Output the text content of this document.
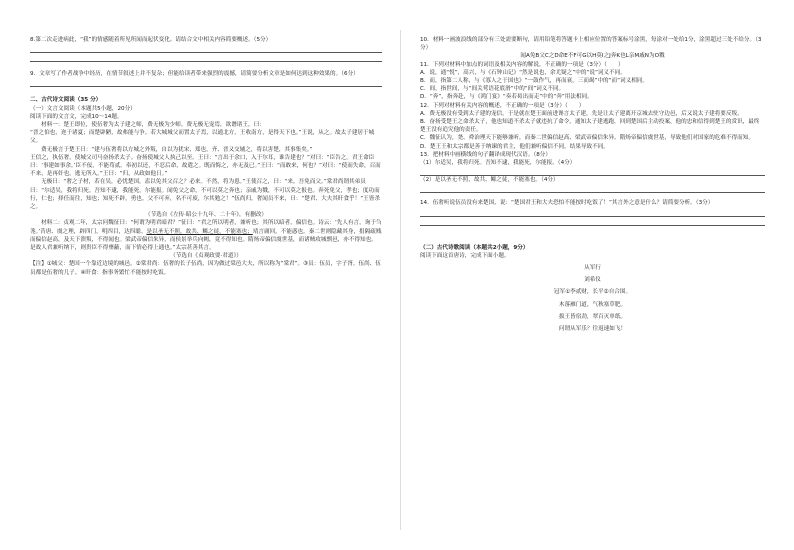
8.第二次走进病此，“我”的情感随着所见所闻而起伏变化。请结合文中相关内容简要概述。（5分）

9．文章写了作者战争中经历，在情节叙述上并不复杂；但能给读者带来强烈的震撼，请简要分析文章是如何达到这种效果的。（6分）

二、古代诗文阅读（35 分）

（一）文言文阅读（本题共5小题，20分）

阅读下面的文言文，完成10～14题。

材料一：楚王即位，使伍奢为太子建之师，费无极为少师。费无极无宠焉，欲谮诸王，曰：

“晋之伯也，迩于诸夏；而楚辟陋，故弗能与争。若大城城父而置太子焉，以通北方，王收南方，是得天下也。”王说，从之。故太子建居于城父。

费无极言于楚王曰：“建与伍奢将以方城之外叛，自以为犹宋、郑也，齐、晋又交辅之，将以害楚，其事集矣。”

王信之，执伍奢，使城父司马奋扬杀太子。奋扬使城父人执己以至。王曰：“言出于余口，入于尔耳，谁告建也？”对曰：“臣告之。君王命臣曰：‘事建如事余。’臣不佞，不能苟贰。奉初以还，不忍后命，故遣之。既而悔之，亦无及已。”王曰：“而敢来，何也？”对曰：“使而失命，召而不来，是再奸也。逃无所入。”王曰：“归，从政如他日。”

无极曰：“奢之子材，若在吴，必忧楚国，盍以免其父召之？必来。不然，将为患。”王使召之，曰：“来，吾免而父。”棠君尚谓其弟员曰：“尔适吴，我将归死。吾知不逮，我能死，尔能报。闻免父之命，不可以莫之奔也；亲戚为戮，不可以莫之报也。奔死免父，孝也；度功而行，仁也；择任而往，知也；知死不辟，勇也。父不可弃，名不可废，尔其勉之！”伍尚归。奢闻员不来，曰：“楚君、大夫其旰食乎！”王皆杀之。

（节选自《左传·昭公十九年、二十年》，有删改）

材料二：贞观二年，太宗问魏征曰：“何谓为明君暗君？”征曰：“君之所以明者，兼听也；其所以暗者，偏信也。诗云：‘先人有言，询于刍荛。’昔唐、虞之理，辟四门，明四目，达四聪。是以圣无不照，故共、鲧之徒，不能塞也；靖言庸回，不能惑也。秦二世则隐藏其身，捐隔疏贱而偏信赵高，及天下溃叛，不得闻也。梁武帝偏信朱异，而侯景举兵向阙，竟不得知也。隋炀帝偏信虞世基，而诸贼攻城剽邑，亦不得知也。是故人君兼听纳下，则贵臣不得壅蔽，而下情必得上通也。”太宗甚善其言。

（节选自《贞观政要·君道》）

【注】①城父：楚国一个靠近边境的城邑。②棠君尚：伍奢的长子伍尚，因为做过棠邑大夫，所以称为“棠君”。③员：伍员，字子胥。伍尚、伍员都是伍奢的儿子。④旰食：指事务繁忙不能按时吃饭。

10．材料一画波浪线的部分有三处需要断句，请用铅笔将答题卡上相应位置的答案标号涂黑，每涂对一处给1分，涂黑超过三处不给分。（3分）

闻A免B父C之D命E不F可G以H莫I之J奔K也L亲M戚N为O戮

11．下列对材料中加点的词语及相关内容的解说，不正确的一项是（3分）（　　）

A．说，通“悦”，高兴，与《石钟山记》“然是说也，余尤疑之”中的“说”词义不同。

B．而，指第二人称，与《寡人之于国也》“一鼓作气，再而衰，三而竭”中的“而”词义相同。

C．间，指世间，与“间关莺语花底滑”中的“间”词义不同。

D．“奔”，指奔赴，与《鸿门宴》“奏若曷出而走”中的“奔”用法相同。

12．下列对材料有关内容的概述，不正确的一项是（3分）（　　）

A．费无极没有受到太子建的宠信，于是就在楚王面前进谗言太子建，先是让太子建离开京城去驻守边邑，后又说太子建将要反叛。

B．奋扬受楚王之命杀太子，他也知道不杀太子就违抗了命令，通知太子建逃跑，回到楚国后主动投案，他的忠和信得到楚王的赏识，最终楚王没有追究他的责任。

C．魏征认为，尧、舜治理天下能够兼听，而秦二世偏信赵高、梁武帝偏信朱异、隋炀帝偏信虞世基，导致他们对国家的危难不得而知。

D．楚王王和太宗都是善于纳谏的君主，他们兼听偏信不同，结果导致不同。

13．把材料中画横线的句子翻译成现代汉语。（8分）

（1）尔适吴，我将归死。吾知不逮，我能死，尔能报。（4分）

（2）是以圣无不照，故共、鲧之徒，不能塞也。（4分）

14．伍奢听说伍员没有来楚国，说：“楚国君王和大夫恐怕不能按时吃饭了！”其言外之意是什么？请简要分析。（3分）

（二）古代诗歌阅读（本题共2小题，9分）

阅读下面这首唐诗，完成下面小题。

从军行

刘希仪

冠军①李贰财，长平②自合围。

木落雁门道，气秋塞草肥。

拔王皆宿劲，翠百灭单纸。

问谓从军乐？往返速如飞！
